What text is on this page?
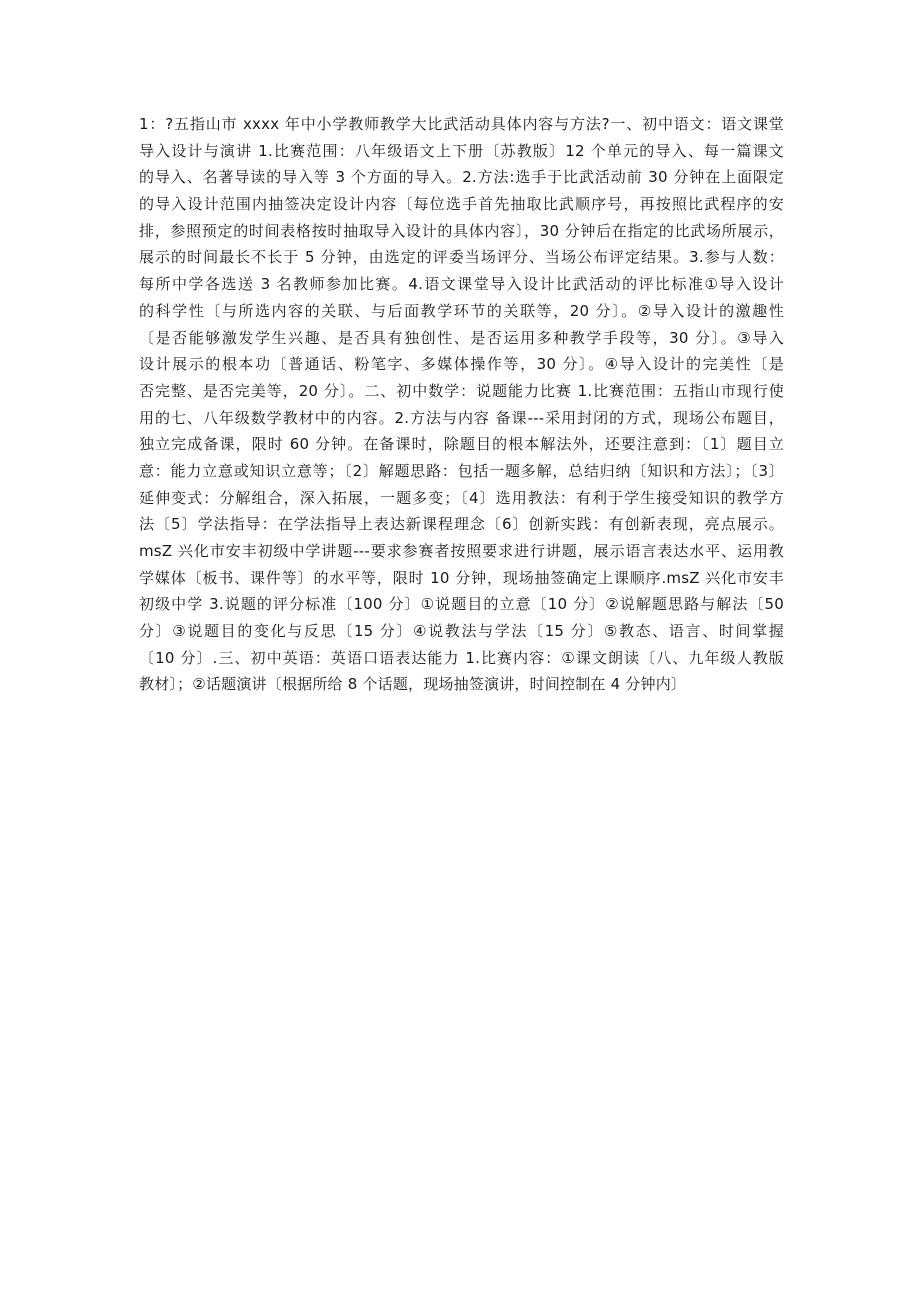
1：?五指山市 xxxx 年中小学教师教学大比武活动具体内容与方法?一、初中语文：语文课堂
导入设计与演讲 1.比赛范围：八年级语文上下册〔苏教版〕12 个单元的导入、每一篇课文
的导入、名著导读的导入等 3 个方面的导入。2.方法:选手于比武活动前 30 分钟在上面限定
的导入设计范围内抽签决定设计内容〔每位选手首先抽取比武顺序号，再按照比武程序的安
排，参照预定的时间表格按时抽取导入设计的具体内容〕，30 分钟后在指定的比武场所展示，
展示的时间最长不长于 5 分钟，由选定的评委当场评分、当场公布评定结果。3.参与人数：
每所中学各选送 3 名教师参加比赛。4.语文课堂导入设计比武活动的评比标准①导入设计
的科学性〔与所选内容的关联、与后面教学环节的关联等，20 分〕。②导入设计的激趣性
〔是否能够激发学生兴趣、是否具有独创性、是否运用多种教学手段等，30 分〕。③导入
设计展示的根本功〔普通话、粉笔字、多媒体操作等，30 分〕。④导入设计的完美性〔是
否完整、是否完美等，20 分〕。二、初中数学：说题能力比赛 1.比赛范围：五指山市现行使
用的七、八年级数学教材中的内容。2.方法与内容 备课---采用封闭的方式，现场公布题目，
独立完成备课，限时 60 分钟。在备课时，除题目的根本解法外，还要注意到：〔1〕题目立
意：能力立意或知识立意等；〔2〕解题思路：包括一题多解，总结归纳〔知识和方法〕；〔3〕
延伸变式：分解组合，深入拓展，一题多变；〔4〕选用教法：有利于学生接受知识的教学方
法〔5〕学法指导：在学法指导上表达新课程理念〔6〕创新实践：有创新表现，亮点展示。
msZ 兴化市安丰初级中学讲题---要求参赛者按照要求进行讲题，展示语言表达水平、运用教
学媒体〔板书、课件等〕的水平等，限时 10 分钟，现场抽签确定上课顺序.msZ 兴化市安丰
初级中学 3.说题的评分标准〔100 分〕①说题目的立意〔10 分〕②说解题思路与解法〔50
分〕③说题目的变化与反思〔15 分〕④说教法与学法〔15 分〕⑤教态、语言、时间掌握
〔10 分〕.三、初中英语：英语口语表达能力 1.比赛内容：①课文朗读〔八、九年级人教版
教材〕；②话题演讲〔根据所给 8 个话题，现场抽签演讲，时间控制在 4 分钟内〕
